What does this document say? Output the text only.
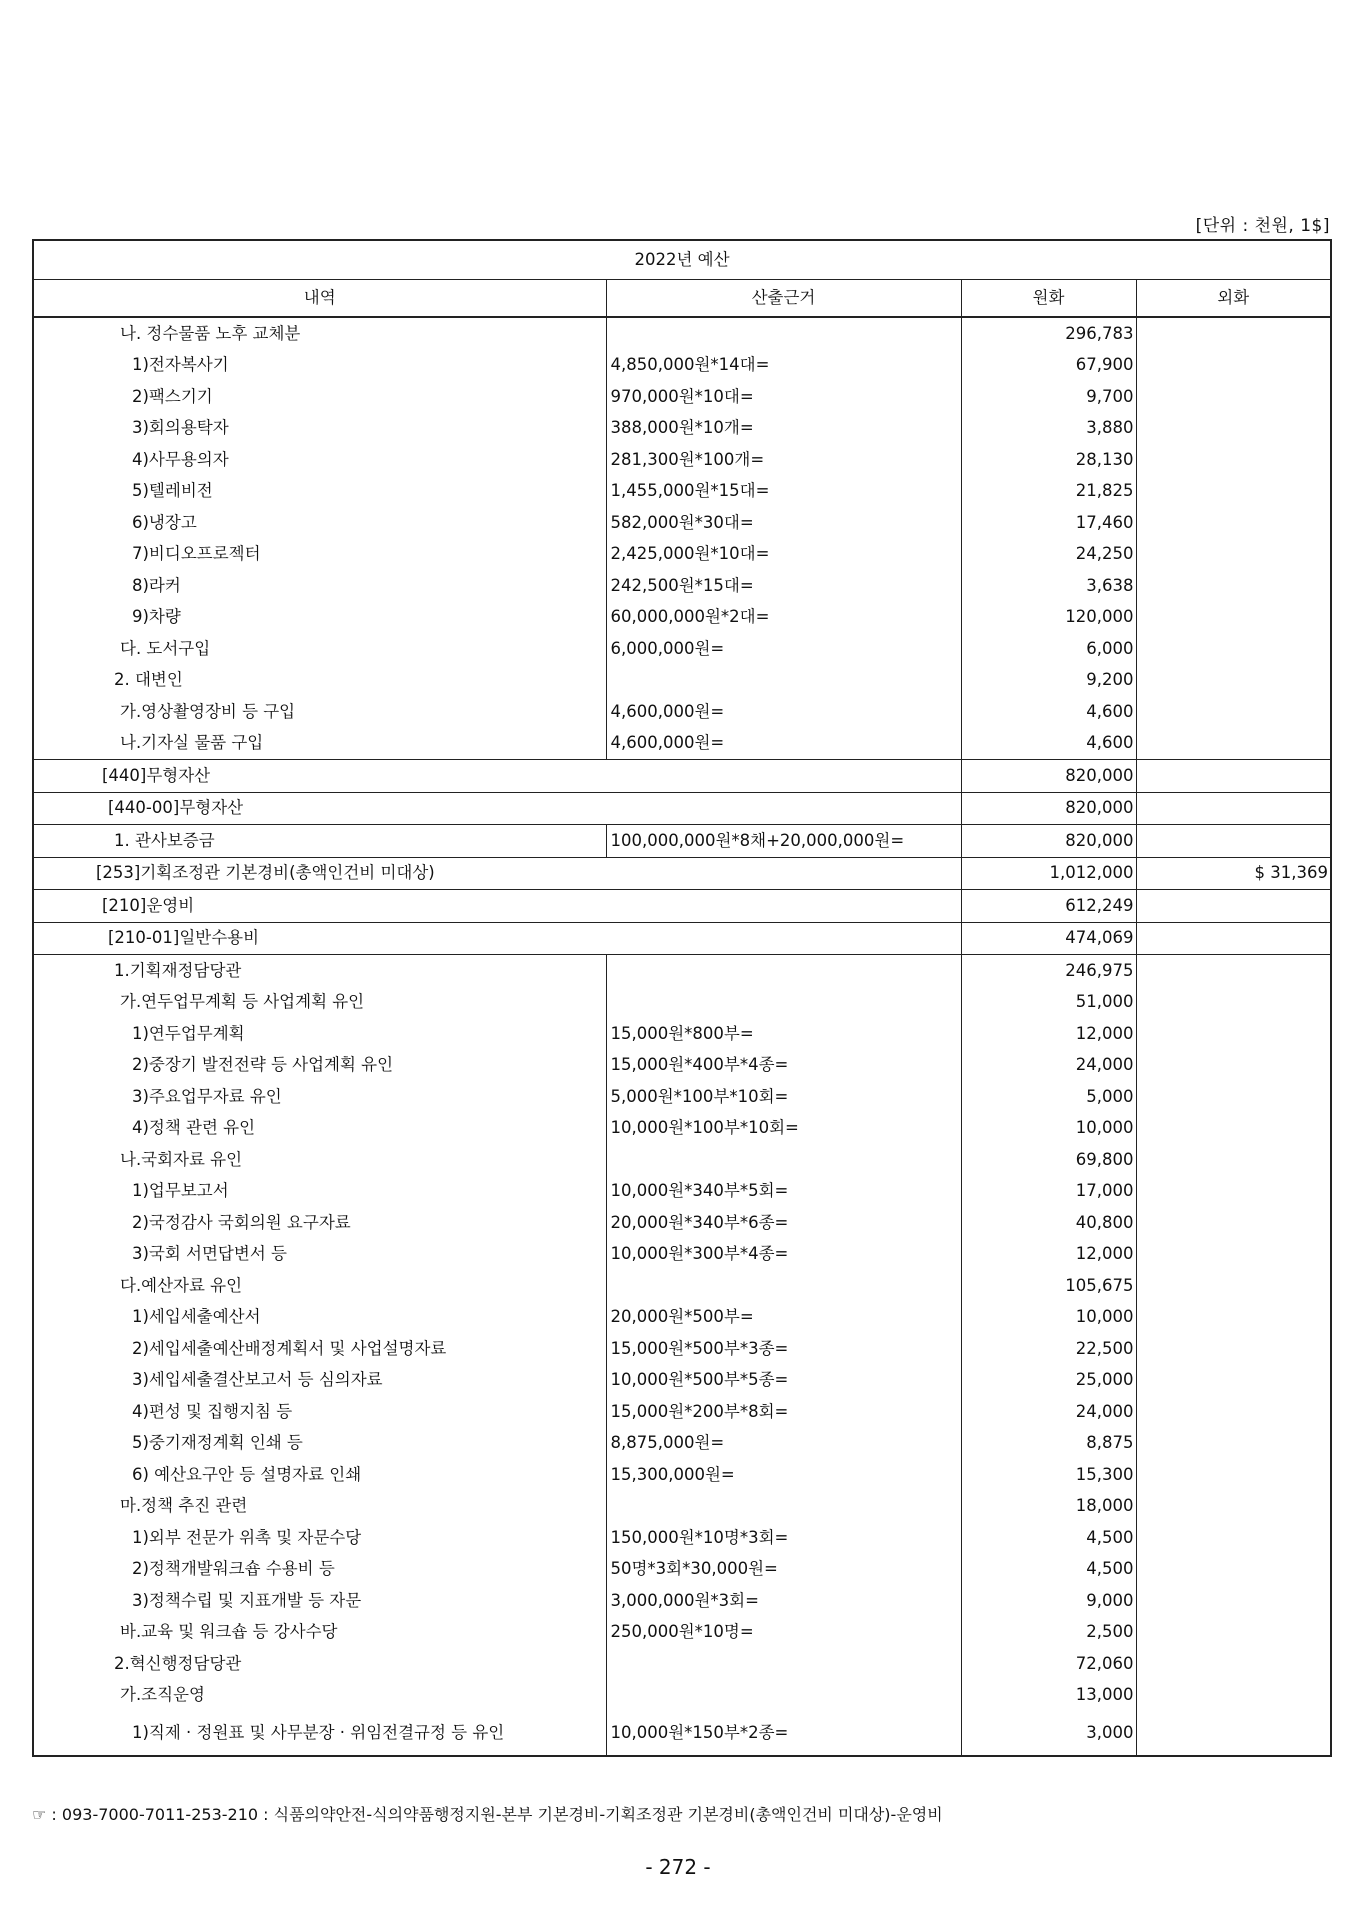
[단위 : 천원, 1$]
2022년 예산			
내역	산출근거	원화	외화
나. 정수물품 노후 교체분		296,783	
1)전자복사기	4,850,000원*14대=	67,900	
2)팩스기기	970,000원*10대=	9,700	
3)회의용탁자	388,000원*10개=	3,880	
4)사무용의자	281,300원*100개=	28,130	
5)텔레비전	1,455,000원*15대=	21,825	
6)냉장고	582,000원*30대=	17,460	
7)비디오프로젝터	2,425,000원*10대=	24,250	
8)라커	242,500원*15대=	3,638	
9)차량	60,000,000원*2대=	120,000	
다. 도서구입	6,000,000원=	6,000	
2. 대변인		9,200	
가.영상촬영장비 등 구입	4,600,000원=	4,600	
나.기자실 물품 구입	4,600,000원=	4,600	
[440]무형자산		820,000	
[440-00]무형자산		820,000	
1. 관사보증금	100,000,000원*8채+20,000,000원=	820,000	
[253]기획조정관 기본경비(총액인건비 미대상)		1,012,000	$ 31,369
[210]운영비		612,249	
[210-01]일반수용비		474,069	
1.기획재정담당관		246,975	
가.연두업무계획 등 사업계획 유인		51,000	
1)연두업무계획	15,000원*800부=	12,000	
2)중장기 발전전략 등 사업계획 유인	15,000원*400부*4종=	24,000	
3)주요업무자료 유인	5,000원*100부*10회=	5,000	
4)정책 관련 유인	10,000원*100부*10회=	10,000	
나.국회자료 유인		69,800	
1)업무보고서	10,000원*340부*5회=	17,000	
2)국정감사 국회의원 요구자료	20,000원*340부*6종=	40,800	
3)국회 서면답변서 등	10,000원*300부*4종=	12,000	
다.예산자료 유인		105,675	
1)세입세출예산서	20,000원*500부=	10,000	
2)세입세출예산배정계획서 및 사업설명자료	15,000원*500부*3종=	22,500	
3)세입세출결산보고서 등 심의자료	10,000원*500부*5종=	25,000	
4)편성 및 집행지침 등	15,000원*200부*8회=	24,000	
5)중기재정계획 인쇄 등	8,875,000원=	8,875	
6) 예산요구안 등 설명자료 인쇄	15,300,000원=	15,300	
마.정책 추진 관련		18,000	
1)외부 전문가 위촉 및 자문수당	150,000원*10명*3회=	4,500	
2)정책개발워크숍 수용비 등	50명*3회*30,000원=	4,500	
3)정책수립 및 지표개발 등 자문	3,000,000원*3회=	9,000	
바.교육 및 워크숍 등 강사수당	250,000원*10명=	2,500	
2.혁신행정담당관		72,060	
가.조직운영		13,000	
1)직제 · 정원표 및 사무분장 · 위임전결규정 등 유인	10,000원*150부*2종=	3,000	
☞ : 093-7000-7011-253-210 : 식품의약안전-식의약품행정지원-본부 기본경비-기획조정관 기본경비(총액인건비 미대상)-운영비
- 272 -
